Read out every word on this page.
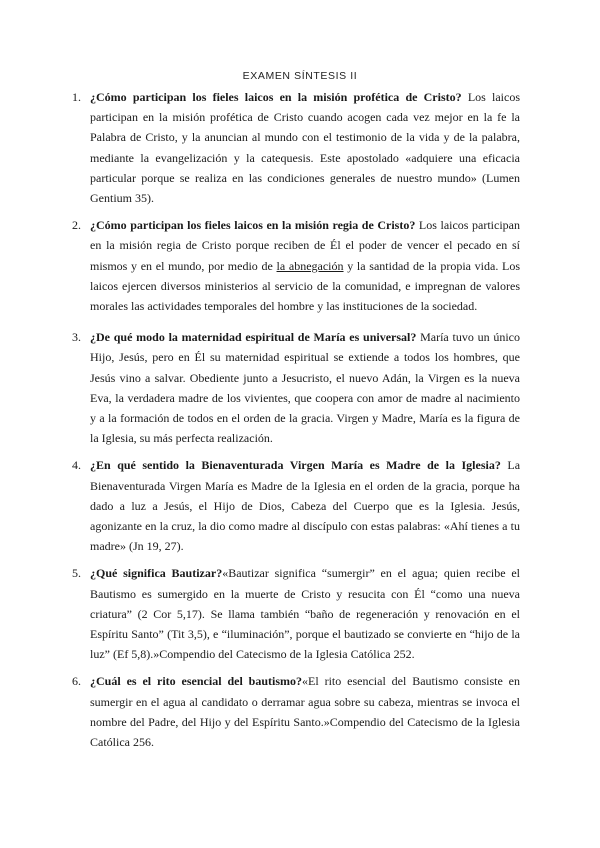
EXAMEN SÍNTESIS II
1. ¿Cómo participan los fieles laicos en la misión profética de Cristo? Los laicos participan en la misión profética de Cristo cuando acogen cada vez mejor en la fe la Palabra de Cristo, y la anuncian al mundo con el testimonio de la vida y de la palabra, mediante la evangelización y la catequesis. Este apostolado «adquiere una eficacia particular porque se realiza en las condiciones generales de nuestro mundo» (Lumen Gentium 35).
2. ¿Cómo participan los fieles laicos en la misión regia de Cristo? Los laicos participan en la misión regia de Cristo porque reciben de Él el poder de vencer el pecado en sí mismos y en el mundo, por medio de la abnegación y la santidad de la propia vida. Los laicos ejercen diversos ministerios al servicio de la comunidad, e impregnan de valores morales las actividades temporales del hombre y las instituciones de la sociedad.
3. ¿De qué modo la maternidad espiritual de María es universal? María tuvo un único Hijo, Jesús, pero en Él su maternidad espiritual se extiende a todos los hombres, que Jesús vino a salvar. Obediente junto a Jesucristo, el nuevo Adán, la Virgen es la nueva Eva, la verdadera madre de los vivientes, que coopera con amor de madre al nacimiento y a la formación de todos en el orden de la gracia. Virgen y Madre, María es la figura de la Iglesia, su más perfecta realización.
4. ¿En qué sentido la Bienaventurada Virgen María es Madre de la Iglesia? La Bienaventurada Virgen María es Madre de la Iglesia en el orden de la gracia, porque ha dado a luz a Jesús, el Hijo de Dios, Cabeza del Cuerpo que es la Iglesia. Jesús, agonizante en la cruz, la dio como madre al discípulo con estas palabras: «Ahí tienes a tu madre» (Jn 19, 27).
5. ¿Qué significa Bautizar?«Bautizar significa “sumergir” en el agua; quien recibe el Bautismo es sumergido en la muerte de Cristo y resucita con Él “como una nueva criatura” (2 Cor 5,17). Se llama también “baño de regeneración y renovación en el Espíritu Santo” (Tit 3,5), e “iluminación”, porque el bautizado se convierte en “hijo de la luz” (Ef 5,8).»Compendio del Catecismo de la Iglesia Católica 252.
6. ¿Cuál es el rito esencial del bautismo?«El rito esencial del Bautismo consiste en sumergir en el agua al candidato o derramar agua sobre su cabeza, mientras se invoca el nombre del Padre, del Hijo y del Espíritu Santo.»Compendio del Catecismo de la Iglesia Católica 256.
